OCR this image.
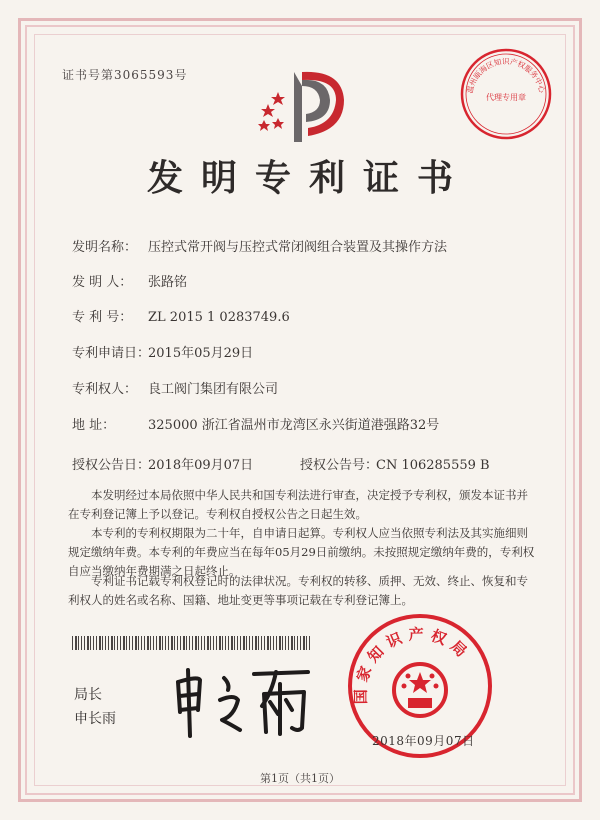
证书号第3065593号
温州瓯海区知识产权服务中心
代理专用章
发明专利证书
发明名称： 压控式常开阀与压控式常闭阀组合装置及其操作方法
发 明 人： 张路铭
专 利 号： ZL 2015 1 0283749.6
专利申请日：2015年05月29日
专利权人： 良工阀门集团有限公司
地 址：	325000 浙江省温州市龙湾区永兴街道港强路32号
授权公告日：2018年09月07日	授权公告号：CN 106285559 B

本发明经过本局依照中华人民共和国专利法进行审查，决定授予专利权，颁发本证书并在专利登记簿上予以登记。专利权自授权公告之日起生效。

本专利的专利权期限为二十年，自申请日起算。专利权人应当依照专利法及其实施细则规定缴纳年费。本专利的年费应当在每年05月29日前缴纳。未按照规定缴纳年费的，专利权自应当缴纳年费期满之日起终止。

专利证书记载专利权登记时的法律状况。专利权的转移、质押、无效、终止、恢复和专利权人的姓名或名称、国籍、地址变更等事项记载在专利登记簿上。

局长
申长雨
国家知识产权局
2018年09月07日
第1页（共1页）
